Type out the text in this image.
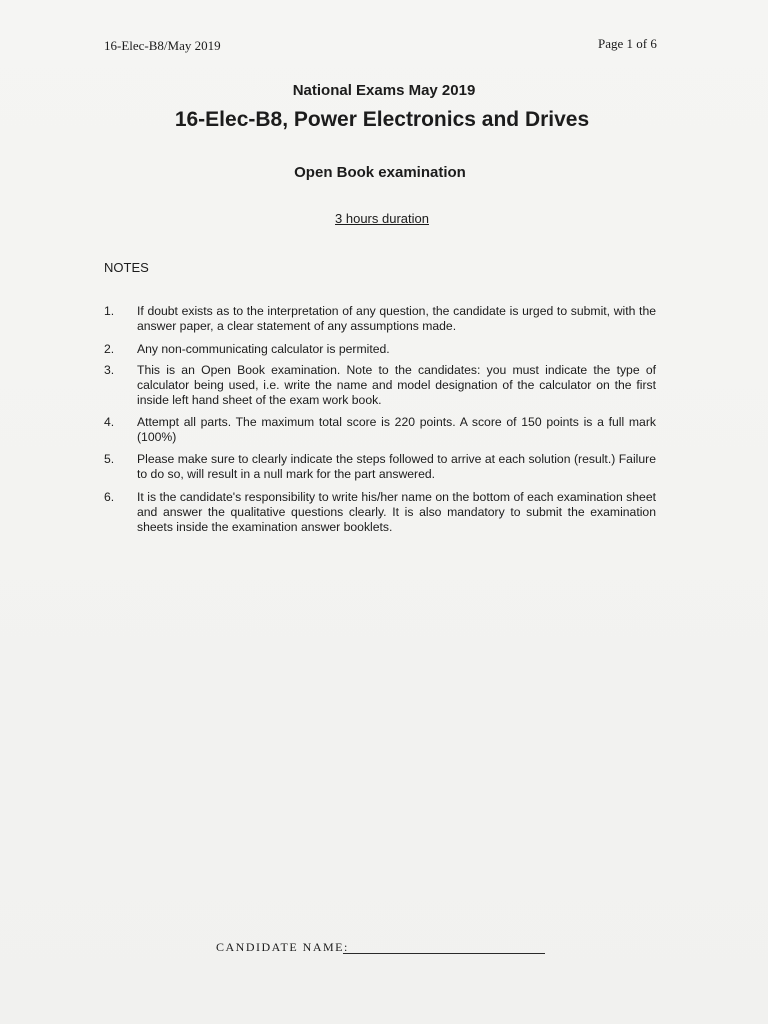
16-Elec-B8/May 2019	Page 1 of 6
National Exams May 2019
16-Elec-B8, Power Electronics and Drives
Open Book examination
3 hours duration
NOTES
1.	If doubt exists as to the interpretation of any question, the candidate is urged to submit, with the answer paper, a clear statement of any assumptions made.
2.	Any non-communicating calculator is permited.
3.	This is an Open Book examination. Note to the candidates: you must indicate the type of calculator being used, i.e. write the name and model designation of the calculator on the first inside left hand sheet of the exam work book.
4.	Attempt all parts. The maximum total score is 220 points. A score of 150 points is a full mark (100%)
5.	Please make sure to clearly indicate the steps followed to arrive at each solution (result.) Failure to do so, will result in a null mark for the part answered.
6.	It is the candidate's responsibility to write his/her name on the bottom of each examination sheet and answer the qualitative questions clearly. It is also mandatory to submit the examination sheets inside the examination answer booklets.
CANDIDATE NAME:
